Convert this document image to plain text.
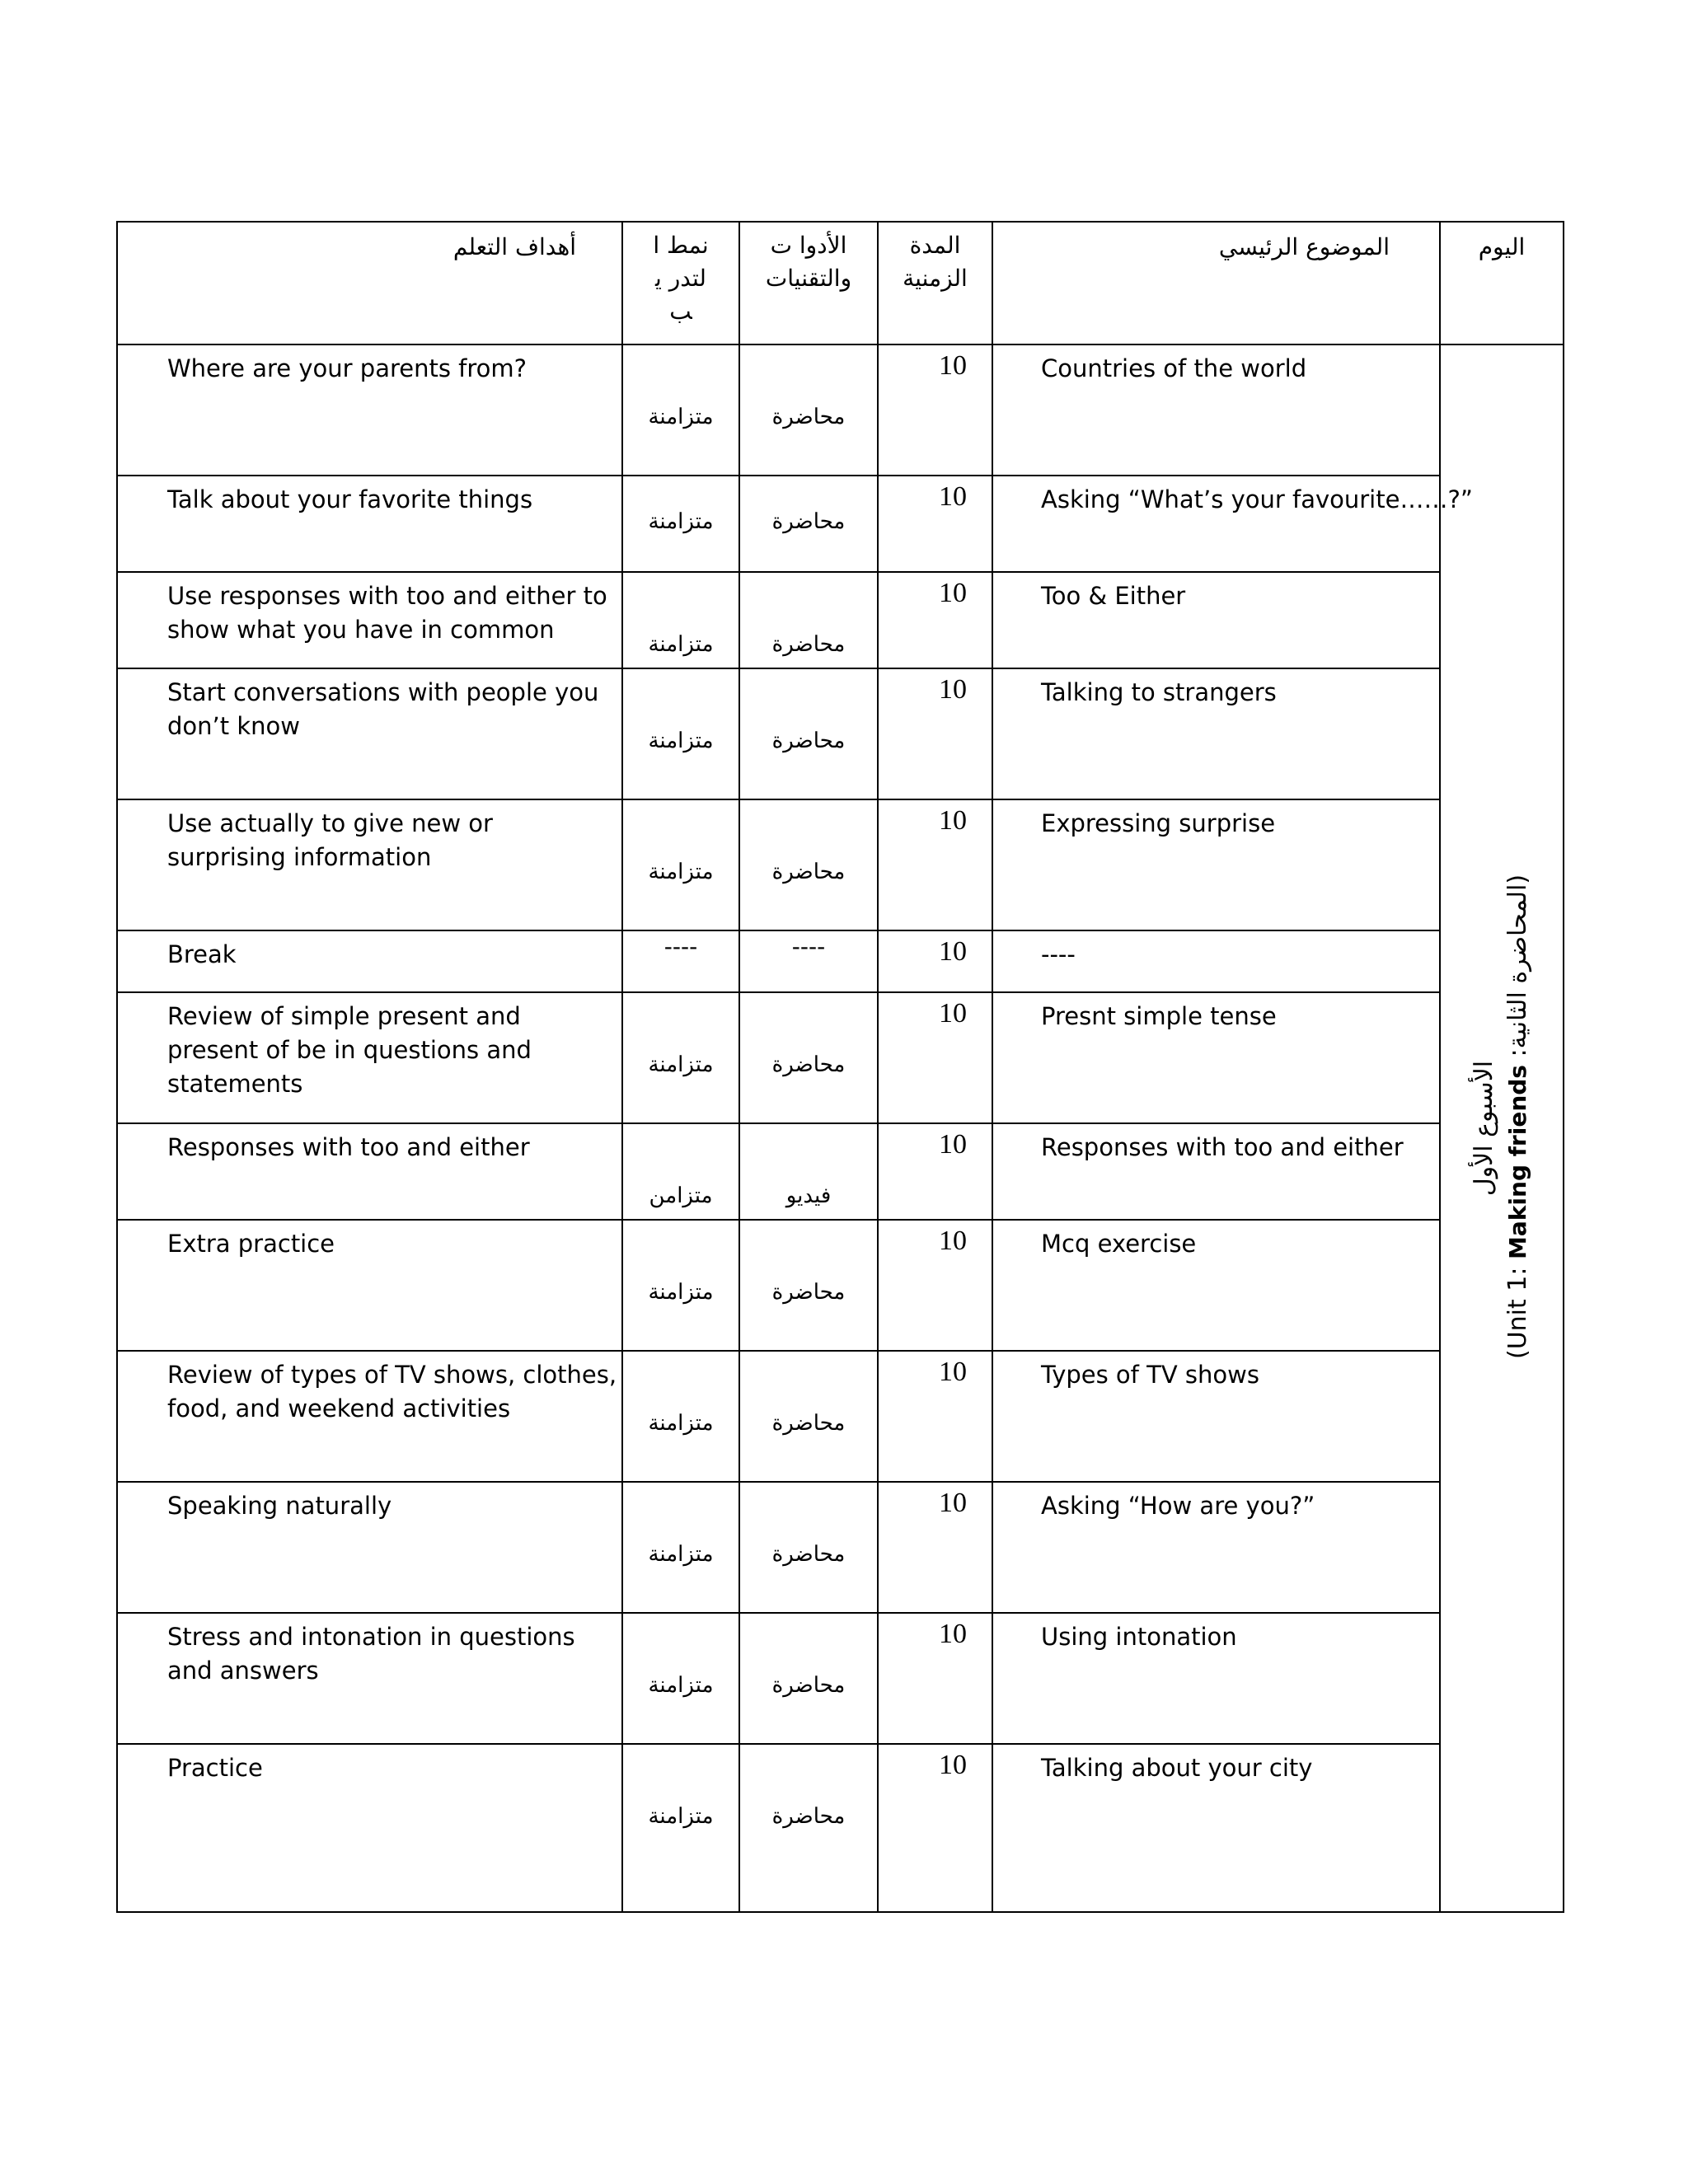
أهداف التعلم	نمط التدر يب	الأدوا ت والتقنيات	المدة الزمنية	الموضوع الرئيسي	اليوم
Where are your parents from?	متزامنة	محاضرة	10	Countries of the world	الأسبوع الأول
(Unit 1: Making friends :المحاضرة الثانية)

Talk about your favorite things	متزامنة	محاضرة	10	Asking “What’s your favourite……?”	
Use responses with too and either to show what you have in common	متزامنة	محاضرة	10	Too & Either	
Start conversations with people you don’t know	متزامنة	محاضرة	10	Talking to strangers	
Use actually to give new or surprising information	متزامنة	محاضرة	10	Expressing surprise	
Break	----	----	10	----	
Review of simple present and present of be in questions and statements	متزامنة	محاضرة	10	Presnt simple tense	
Responses with too and either	متزامن	فيديو	10	Responses with too and either	
Extra practice	متزامنة	محاضرة	10	Mcq exercise	
Review of types of TV shows, clothes, food, and weekend activities	متزامنة	محاضرة	10	Types of TV shows	
Speaking naturally	متزامنة	محاضرة	10	Asking “How are you?”	
Stress and intonation in questions and answers	متزامنة	محاضرة	10	Using intonation	
Practice	متزامنة	محاضرة	10	Talking about your city	
